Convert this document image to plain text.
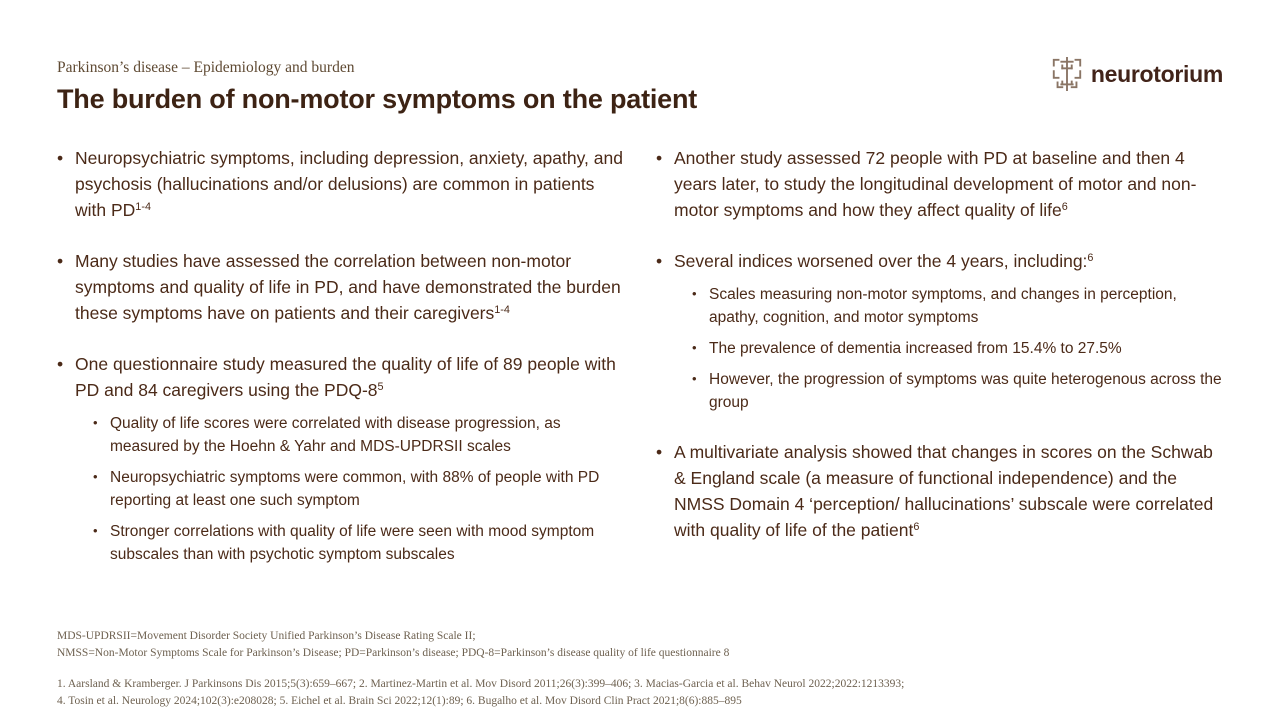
Parkinson’s disease – Epidemiology and burden
The burden of non-motor symptoms on the patient
neurotorium
• Neuropsychiatric symptoms, including depression, anxiety, apathy, and psychosis (hallucinations and/or delusions) are common in patients with PD$^{1-4}$
• Many studies have assessed the correlation between non-motor symptoms and quality of life in PD, and have demonstrated the burden these symptoms have on patients and their caregivers$^{1-4}$
• One questionnaire study measured the quality of life of 89 people with PD and 84 caregivers using the PDQ-8$^5$
• Quality of life scores were correlated with disease progression, as measured by the Hoehn & Yahr and MDS-UPDRSII scales
• Neuropsychiatric symptoms were common, with 88% of people with PD reporting at least one such symptom
• Stronger correlations with quality of life were seen with mood symptom subscales than with psychotic symptom subscales
• Another study assessed 72 people with PD at baseline and then 4 years later, to study the longitudinal development of motor and non-motor symptoms and how they affect quality of life$^6$
• Several indices worsened over the 4 years, including:$^6$
• Scales measuring non-motor symptoms, and changes in perception, apathy, cognition, and motor symptoms
• The prevalence of dementia increased from 15.4% to 27.5%
• However, the progression of symptoms was quite heterogenous across the group
• A multivariate analysis showed that changes in scores on the Schwab & England scale (a measure of functional independence) and the NMSS Domain 4 ‘perception/ hallucinations’ subscale were correlated with quality of life of the patient$^6$
MDS-UPDRSII=Movement Disorder Society Unified Parkinson’s Disease Rating Scale II;
NMSS=Non-Motor Symptoms Scale for Parkinson’s Disease; PD=Parkinson’s disease; PDQ-8=Parkinson’s disease quality of life questionnaire 8
1. Aarsland & Kramberger. J Parkinsons Dis 2015;5(3):659–667; 2. Martinez-Martin et al. Mov Disord 2011;26(3):399–406; 3. Macias-Garcia et al. Behav Neurol 2022;2022:1213393;
4. Tosin et al. Neurology 2024;102(3):e208028; 5. Eichel et al. Brain Sci 2022;12(1):89; 6. Bugalho et al. Mov Disord Clin Pract 2021;8(6):885–895
